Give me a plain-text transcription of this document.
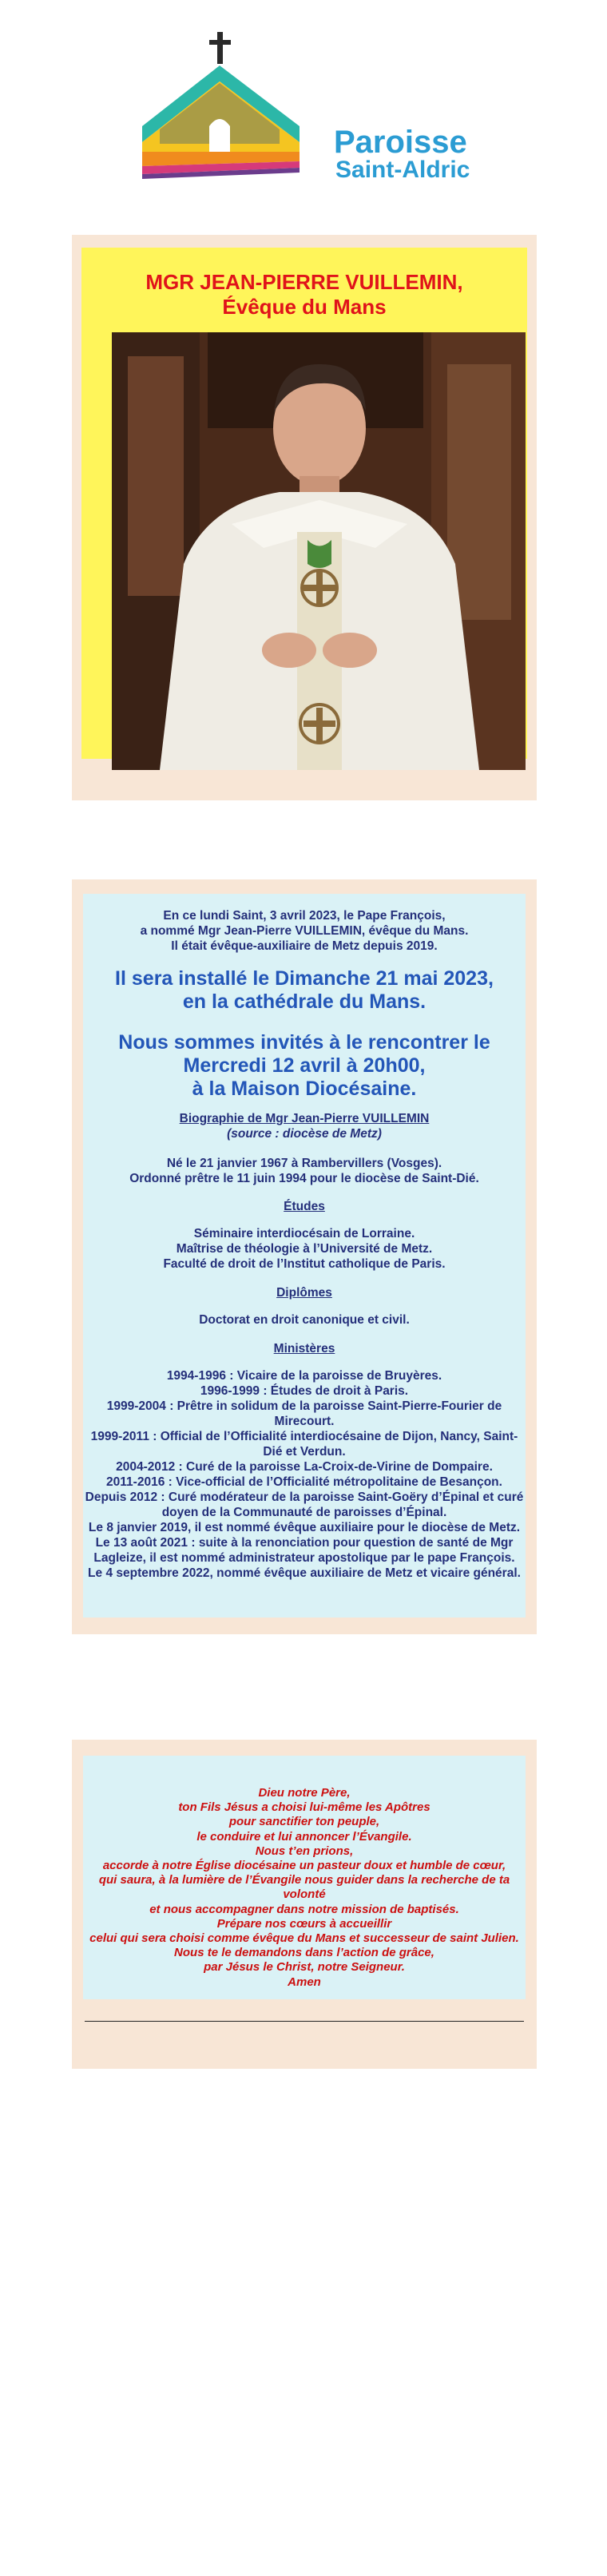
Paroisse
Saint-Aldric
MGR JEAN-PIERRE VUILLEMIN,
Évêque du Mans
En ce lundi Saint, 3 avril 2023, le Pape François,
a nommé Mgr Jean-Pierre VUILLEMIN, évêque du Mans.
Il était évêque-auxiliaire de Metz depuis 2019.
Il sera installé le Dimanche 21 mai 2023,
en la cathédrale du Mans.
Nous sommes invités à le rencontrer le
Mercredi 12 avril à 20h00,
à la Maison Diocésaine.
Biographie de Mgr Jean-Pierre VUILLEMIN
(source : diocèse de Metz)
Né le 21 janvier 1967 à Rambervillers (Vosges).
Ordonné prêtre le 11 juin 1994 pour le diocèse de Saint-Dié.
Études
Séminaire interdiocésain de Lorraine.
Maîtrise de théologie à l’Université de Metz.
Faculté de droit de l’Institut catholique de Paris.
Diplômes
Doctorat en droit canonique et civil.
Ministères
1994-1996 : Vicaire de la paroisse de Bruyères.
1996-1999 : Études de droit à Paris.
1999-2004 : Prêtre in solidum de la paroisse Saint-Pierre-Fourier de
Mirecourt.
1999-2011 : Official de l’Officialité interdiocésaine de Dijon, Nancy, Saint-
Dié et Verdun.
2004-2012 : Curé de la paroisse La-Croix-de-Virine de Dompaire.
2011-2016 : Vice-official de l’Officialité métropolitaine de Besançon.
Depuis 2012 : Curé modérateur de la paroisse Saint-Goëry d’Épinal et curé
doyen de la Communauté de paroisses d’Épinal.
Le 8 janvier 2019, il est nommé évêque auxiliaire pour le diocèse de Metz.
Le 13 août 2021 : suite à la renonciation pour question de santé de Mgr
Lagleize, il est nommé administrateur apostolique par le pape François.
Le 4 septembre 2022, nommé évêque auxiliaire de Metz et vicaire général.
Dieu notre Père,
ton Fils Jésus a choisi lui-même les Apôtres
pour sanctifier ton peuple,
le conduire et lui annoncer l’Évangile.
Nous t’en prions,
accorde à notre Église diocésaine un pasteur doux et humble de cœur,
qui saura, à la lumière de l’Évangile nous guider dans la recherche de ta
volonté
et nous accompagner dans notre mission de baptisés.
Prépare nos cœurs à accueillir
celui qui sera choisi comme évêque du Mans et successeur de saint Julien.
Nous te le demandons dans l’action de grâce,
par Jésus le Christ, notre Seigneur.
Amen
